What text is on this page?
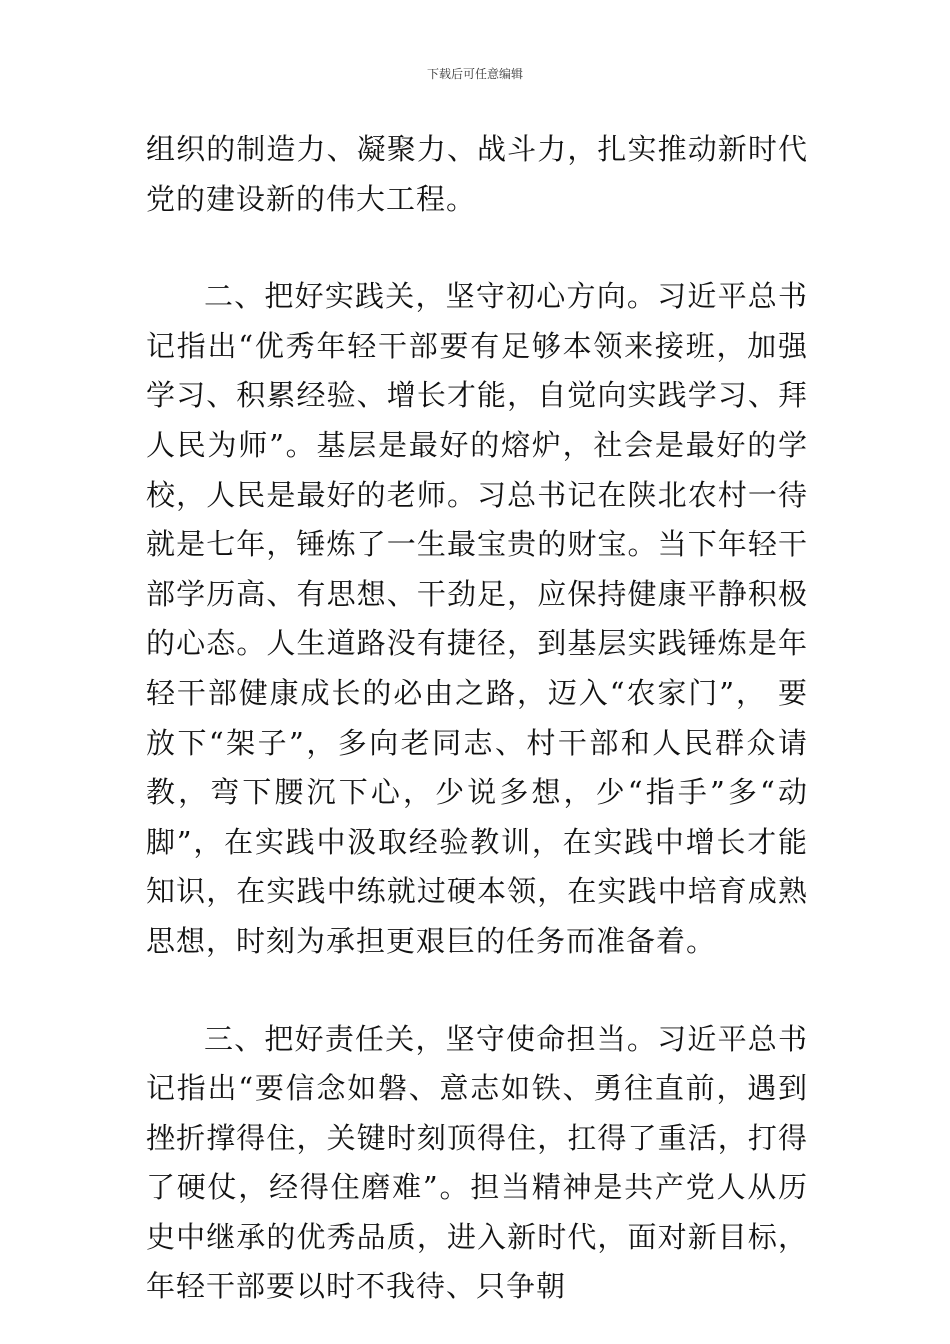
下载后可任意编辑

组织的制造力、凝聚力、战斗力，扎实推动新时代党的建设新的伟大工程。

二、把好实践关，坚守初心方向。习近平总书记指出“优秀年轻干部要有足够本领来接班，加强学习、积累经验、增长才能，自觉向实践学习、拜人民为师”。基层是最好的熔炉，社会是最好的学校，人民是最好的老师。习总书记在陕北农村一待就是七年，锤炼了一生最宝贵的财宝。当下年轻干部学历高、有思想、干劲足，应保持健康平静积极的心态。人生道路没有捷径，到基层实践锤炼是年轻干部健康成长的必由之路，迈入“农家门”， 要放下“架子”，多向老同志、村干部和人民群众请教，弯下腰沉下心，少说多想，少“指手”多“动脚”，在实践中汲取经验教训，在实践中增长才能知识，在实践中练就过硬本领，在实践中培育成熟思想，时刻为承担更艰巨的任务而准备着。

三、把好责任关，坚守使命担当。习近平总书记指出“要信念如磐、意志如铁、勇往直前，遇到挫折撑得住，关键时刻顶得住，扛得了重活，打得了硬仗，经得住磨难”。担当精神是共产党人从历史中继承的优秀品质，进入新时代，面对新目标，年轻干部要以时不我待、只争朝
